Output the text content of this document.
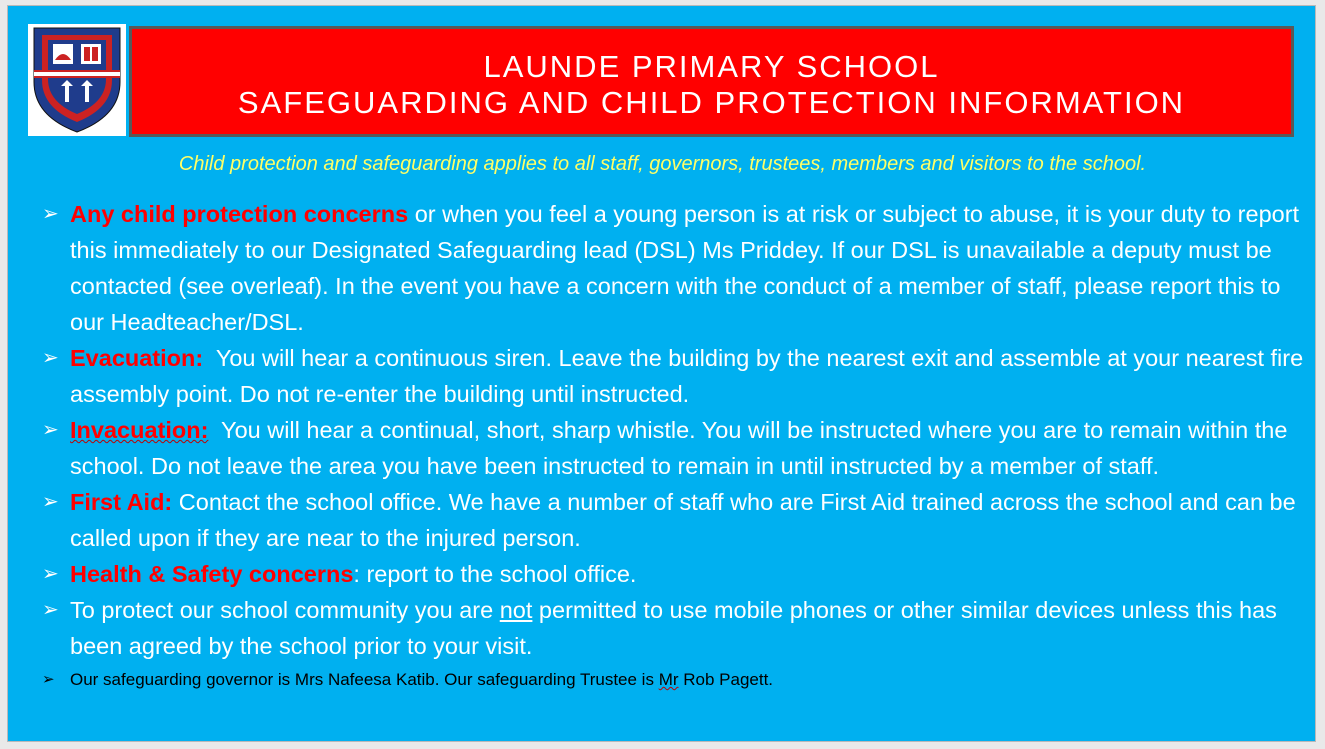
LAUNDE PRIMARY SCHOOL
SAFEGUARDING AND CHILD PROTECTION INFORMATION
Child protection and safeguarding applies to all staff, governors, trustees, members and visitors to the school.
➢ Any child protection concerns or when you feel a young person is at risk or subject to abuse, it is your duty to report this immediately to our Designated Safeguarding lead (DSL) Ms Priddey. If our DSL is unavailable a deputy must be contacted (see overleaf). In the event you have a concern with the conduct of a member of staff, please report this to our Headteacher/DSL.
➢ Evacuation:  You will hear a continuous siren. Leave the building by the nearest exit and assemble at your nearest fire assembly point. Do not re-enter the building until instructed.
➢ Invacuation:  You will hear a continual, short, sharp whistle. You will be instructed where you are to remain within the school. Do not leave the area you have been instructed to remain in until instructed by a member of staff.
➢ First Aid: Contact the school office. We have a number of staff who are First Aid trained across the school and can be called upon if they are near to the injured person.
➢ Health & Safety concerns: report to the school office.
➢ To protect our school community you are not permitted to use mobile phones or other similar devices unless this has been agreed by the school prior to your visit.
➢ Our safeguarding governor is Mrs Nafeesa Katib. Our safeguarding Trustee is Mr Rob Pagett.
